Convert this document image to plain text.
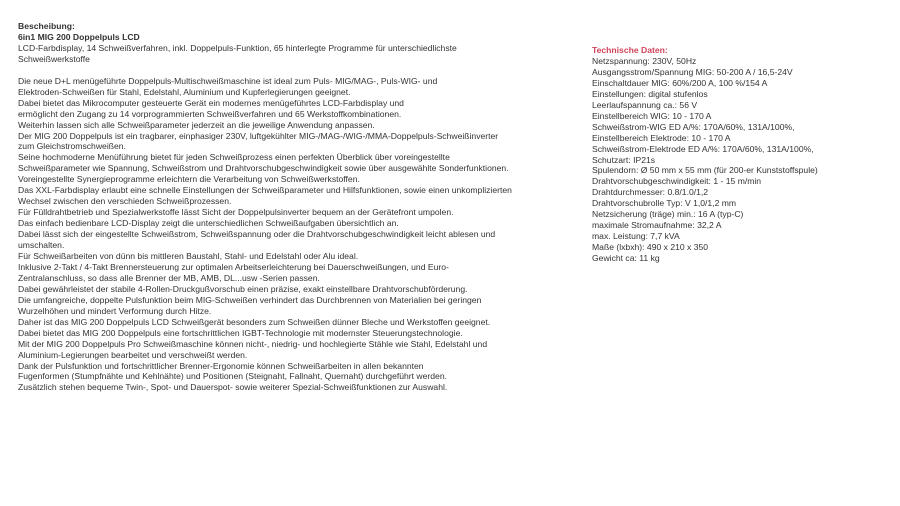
Bescheibung:
6in1 MIG 200 Doppelpuls LCD
LCD-Farbdisplay, 14 Schweißverfahren, inkl. Doppelpuls-Funktion, 65 hinterlegte Programme für unterschiedlichste
Schweißwerkstoffe
Die neue D+L menügeführte Doppelpuls-Multischweißmaschine ist ideal zum Puls- MIG/MAG-, Puls-WIG- und
Elektroden-Schweißen für Stahl, Edelstahl, Aluminium und Kupferlegierungen geeignet.
Dabei bietet das Mikrocomputer gesteuerte Gerät ein modernes menügeführtes LCD-Farbdisplay und
ermöglicht den Zugang zu 14 vorprogrammierten Schweißverfahren und 65 Werkstoffkombinationen.
Weiterhin lassen sich alle Schweißparameter jederzeit an die jeweilige Anwendung anpassen.
Der MIG 200 Doppelpuls ist ein tragbarer, einphasiger 230V, luftgekühlter MIG-/MAG-/WIG-/MMA-Doppelpuls-Schweißinverter
zum Gleichstromschweißen.
Seine hochmoderne Menüführung bietet für jeden Schweißprozess einen perfekten Überblick über voreingestellte
Schweißparameter wie Spannung, Schweißstrom und Drahtvorschubgeschwindigkeit sowie über ausgewählte Sonderfunktionen.
Voreingestellte Synergieprogramme erleichtern die Verarbeitung von Schweißwerkstoffen.
Das XXL-Farbdisplay erlaubt eine schnelle Einstellungen der Schweißparameter und Hilfsfunktionen, sowie einen unkomplizierten
Wechsel zwischen den verschieden Schweißprozessen.
Für Fülldrahtbetrieb und Spezialwerkstoffe lässt Sicht der Doppelpulsinverter bequem an der Gerätefront umpolen.
Das einfach bedienbare LCD-Display zeigt die unterschiedlichen Schweißaufgaben übersichtlich an.
Dabei lässt sich der eingestellte Schweißstrom, Schweißspannung oder die Drahtvorschubgeschwindigkeit leicht ablesen und
umschalten.
Für Schweißarbeiten von dünn bis mittleren Baustahl, Stahl- und Edelstahl oder Alu ideal.
Inklusive 2-Takt / 4-Takt Brennersteuerung zur optimalen Arbeitserleichterung bei Dauerschweißungen, und Euro-
Zentralanschluss, so dass alle Brenner der MB, AMB, DL...usw -Serien passen.
Dabei gewährleistet der stabile 4-Rollen-Druckgußvorschub einen präzise, exakt einstellbare Drahtvorschubförderung.
Die umfangreiche, doppelte Pulsfunktion beim MIG-Schweißen verhindert das Durchbrennen von Materialien bei geringen
Wurzelhöhen und mindert Verformung durch Hitze.
Daher ist das MIG 200 Doppelpuls LCD Schweißgerät besonders zum Schweißen dünner Bleche und Werkstoffen geeignet.
Dabei bietet das MIG 200 Doppelpuls eine fortschrittlichen IGBT-Technologie mit modernster Steuerungstechnologie.
Mit der MIG 200 Doppelpuls Pro Schweißmaschine können nicht-, niedrig- und hochlegierte Stähle wie Stahl, Edelstahl und
Aluminium-Legierungen bearbeitet und verschweißt werden.
Dank der Pulsfunktion und fortschrittlicher Brenner-Ergonomie können Schweißarbeiten in allen bekannten
Fugenformen (Stumpfnähte und Kehlnähte) und Positionen (Steignaht, Fallnaht, Quernaht) durchgeführt werden.
Zusätzlich stehen bequeme Twin-, Spot- und Dauerspot- sowie weiterer Spezial-Schweißfunktionen zur Auswahl.
Technische Daten:
Netzspannung: 230V, 50Hz
Ausgangsstrom/Spannung MIG: 50-200 A / 16,5-24V
Einschaltdauer MIG: 60%/200 A, 100 %/154 A
Einstellungen: digital stufenlos
Leerlaufspannung ca.: 56 V
Einstellbereich WIG: 10 - 170 A
Schweißstrom-WIG ED A/%: 170A/60%, 131A/100%,
Einstellbereich Elektrode: 10 - 170 A
Schweißstrom-Elektrode ED A/%: 170A/60%, 131A/100%,
Schutzart: IP21s
Spulendorn: Ø 50 mm x 55 mm (für 200-er Kunststoffspule)
Drahtvorschubgeschwindigkeit: 1 - 15 m/min
Drahtdurchmesser: 0.8/1.0/1,2
Drahtvorschubrolle Typ: V 1,0/1,2 mm
Netzsicherung (träge) min.: 16 A (typ-C)
maximale Stromaufnahme: 32,2 A
max. Leistung: 7,7 kVA
Maße (lxbxh): 490 x 210 x 350
Gewicht ca: 11 kg
